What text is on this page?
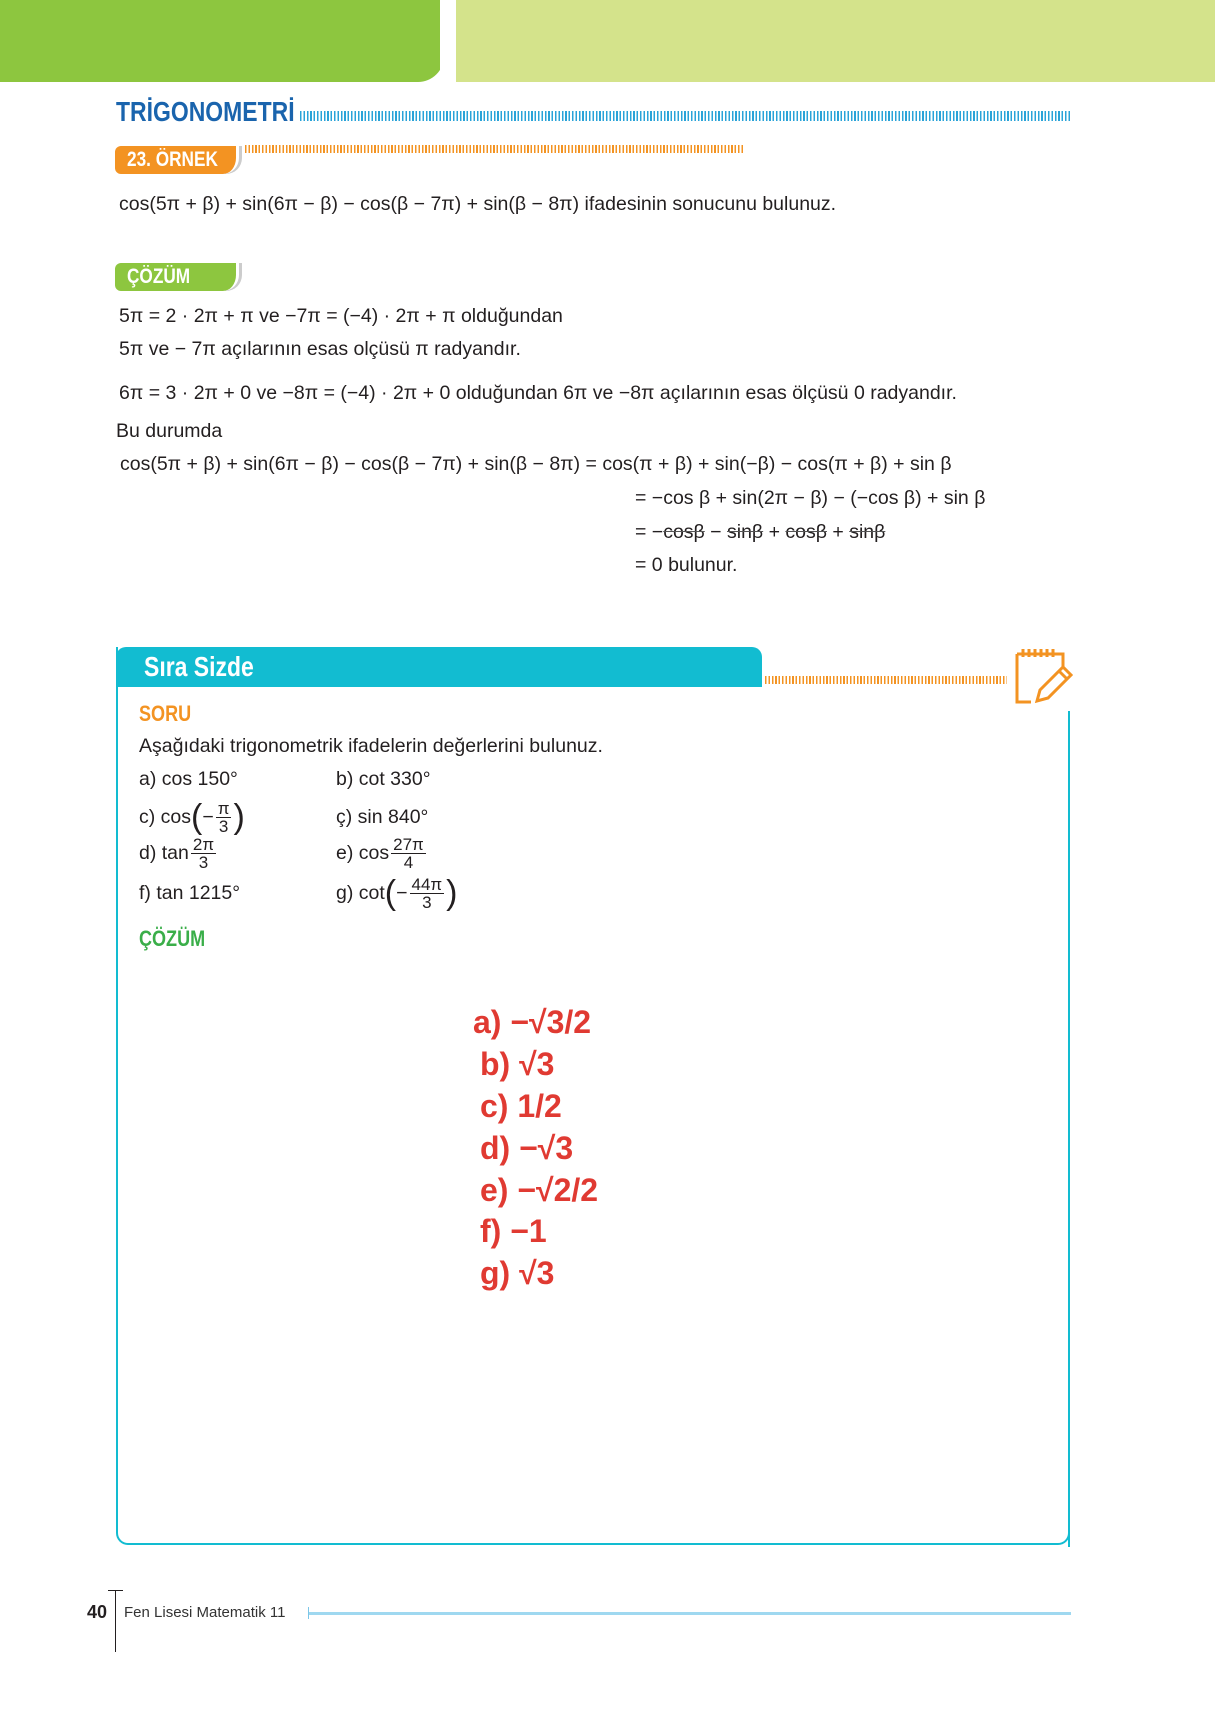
TRİGONOMETRİ
23. ÖRNEK
cos(5π + β) + sin(6π − β) − cos(β − 7π) + sin(β − 8π) ifadesinin sonucunu bulunuz.
ÇÖZÜM
5π = 2 · 2π + π ve −7π = (−4) · 2π + π olduğundan
5π ve − 7π açılarının esas olçüsü π radyandır.
6π = 3 · 2π + 0 ve −8π = (−4) · 2π + 0 olduğundan 6π ve −8π açılarının esas ölçüsü 0 radyandır.
Bu durumda
cos(5π + β) + sin(6π − β) − cos(β − 7π) + sin(β − 8π) = cos(π + β) + sin(−β) − cos(π + β) + sin β
= −cos β + sin(2π − β) − (−cos β) + sin β
= −cosβ − sinβ + cosβ + sinβ
= 0 bulunur.
Sıra Sizde
SORU
Aşağıdaki trigonometrik ifadelerin değerlerini bulunuz.
a) cos 150°	b) cot 330°
c) cos ( − $\frac{\pi}{3}$ )	ç) sin 840°
d) $\tan \frac{2\pi}{3}$	e) $\cos \frac{27\pi}{4}$
f) tan 1215°	g) cot ( − $\frac{44\pi}{3}$ )
ÇÖZÜM
a) −√3/2
b) √3
c) 1/2
d) −√3
e) −√2/2
f) −1
g) √3
40 Fen Lisesi Matematik 11
